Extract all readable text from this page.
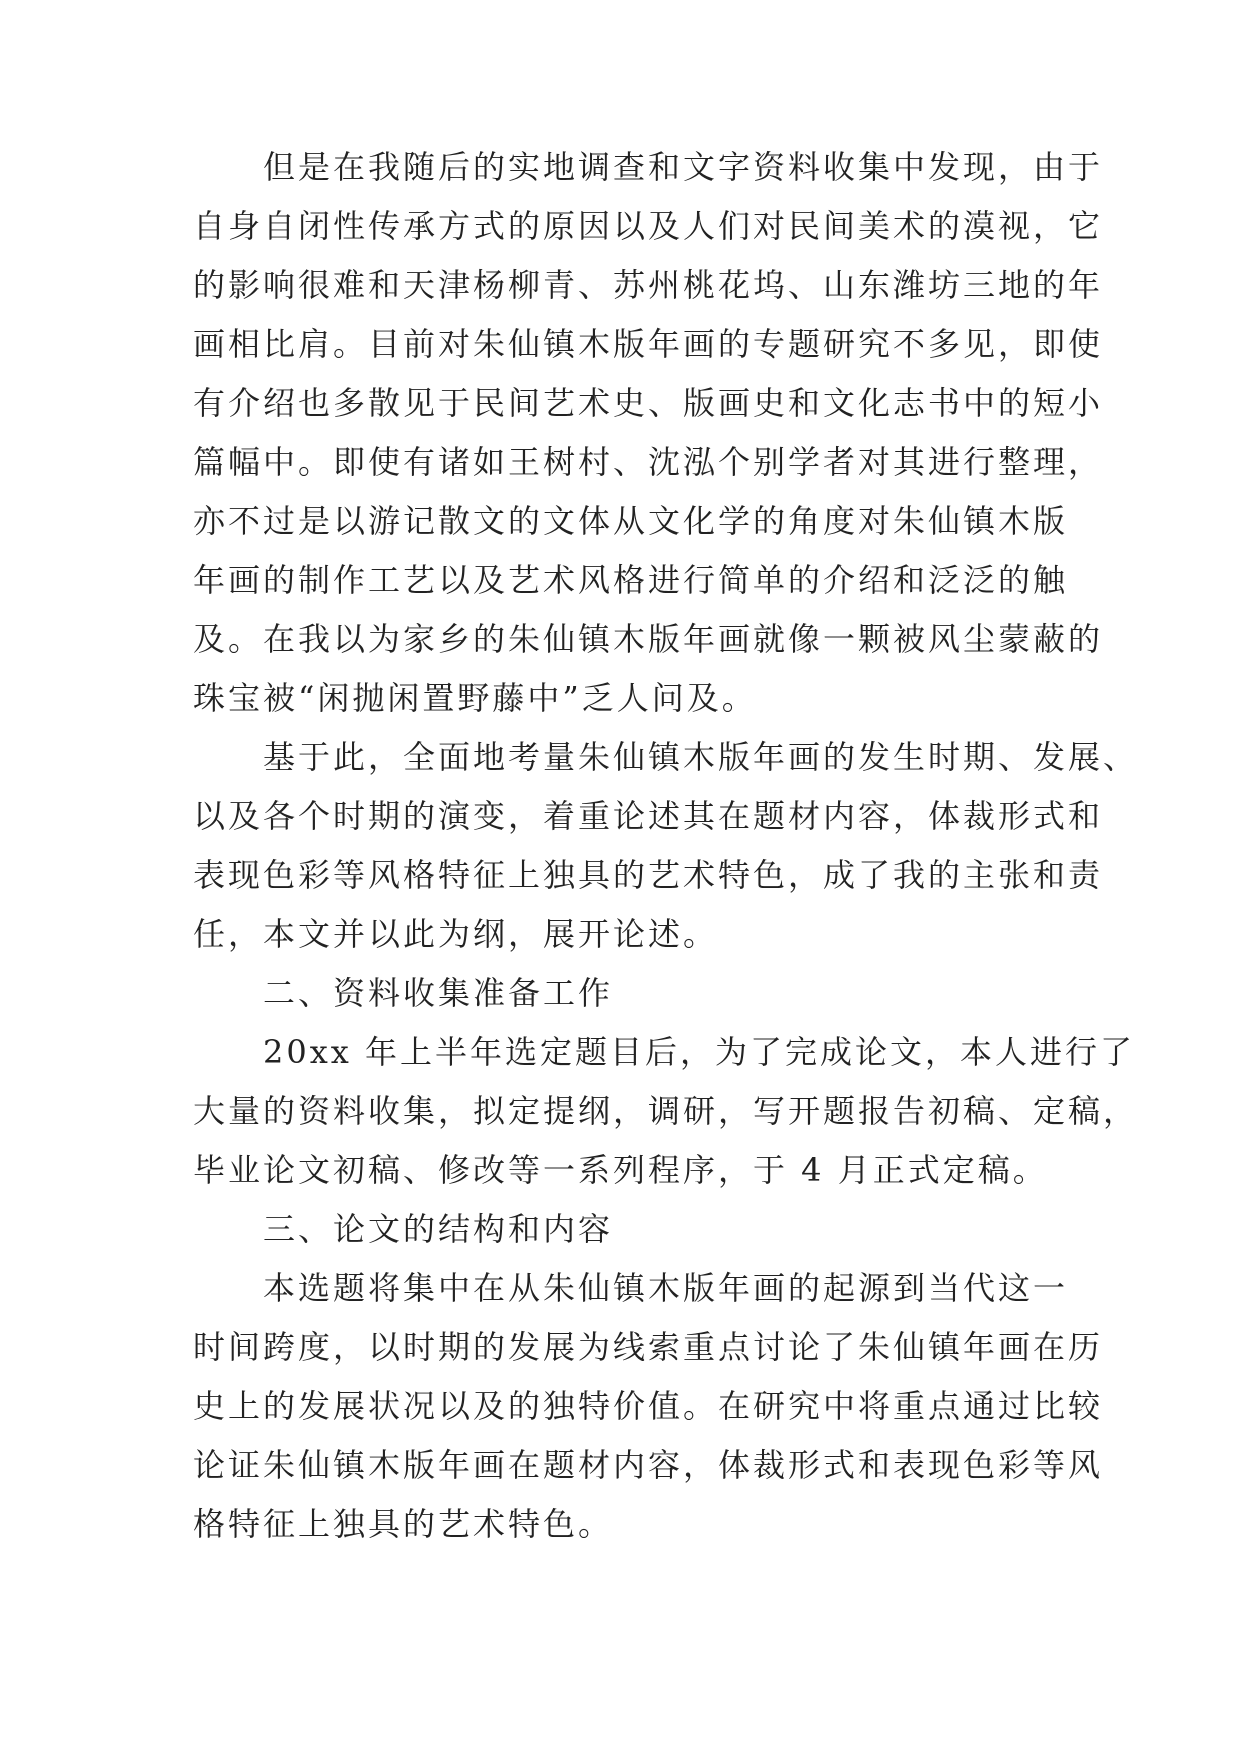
　　但是在我随后的实地调查和文字资料收集中发现，由于
自身自闭性传承方式的原因以及人们对民间美术的漠视，它
的影响很难和天津杨柳青、苏州桃花坞、山东潍坊三地的年
画相比肩。目前对朱仙镇木版年画的专题研究不多见，即使
有介绍也多散见于民间艺术史、版画史和文化志书中的短小
篇幅中。即使有诸如王树村、沈泓个别学者对其进行整理，
亦不过是以游记散文的文体从文化学的角度对朱仙镇木版
年画的制作工艺以及艺术风格进行简单的介绍和泛泛的触
及。在我以为家乡的朱仙镇木版年画就像一颗被风尘蒙蔽的
珠宝被“闲抛闲置野藤中”乏人问及。
　　基于此，全面地考量朱仙镇木版年画的发生时期、发展、
以及各个时期的演变，着重论述其在题材内容，体裁形式和
表现色彩等风格特征上独具的艺术特色，成了我的主张和责
任，本文并以此为纲，展开论述。
　　二、资料收集准备工作
　　20xx 年上半年选定题目后，为了完成论文，本人进行了
大量的资料收集，拟定提纲，调研，写开题报告初稿、定稿，
毕业论文初稿、修改等一系列程序，于 4 月正式定稿。
　　三、论文的结构和内容
　　本选题将集中在从朱仙镇木版年画的起源到当代这一
时间跨度，以时期的发展为线索重点讨论了朱仙镇年画在历
史上的发展状况以及的独特价值。在研究中将重点通过比较
论证朱仙镇木版年画在题材内容，体裁形式和表现色彩等风
格特征上独具的艺术特色。
